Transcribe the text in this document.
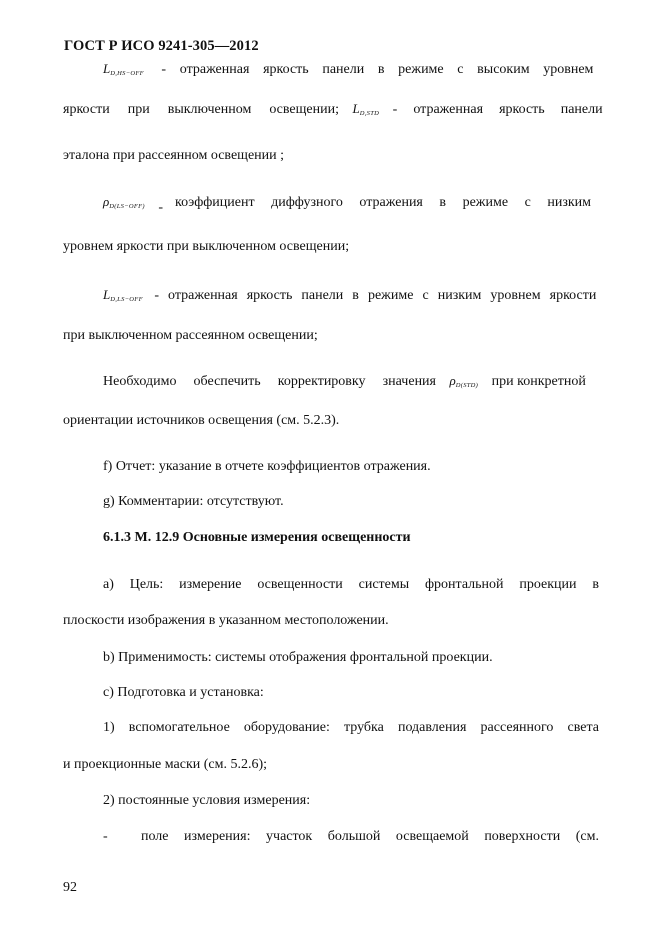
ГОСТ Р ИСО 9241-305—2012
$L_{D,HS-OFF}$ - отраженная яркость панели в режиме с высоким уровнем
яркости при выключенном освещении; $L_{D,STD}$ - отраженная яркость панели
эталона при рассеянном освещении ;
$\rho_{D(LS-OFF)}$ - коэффициент диффузного отражения в режиме с низким
уровнем яркости при выключенном освещении;
$L_{D,LS-OFF}$ - отраженная яркость панели в режиме с низким уровнем яркости
при выключенном рассеянном освещении;
Необходимо обеспечить корректировку значения $\rho_{D(STD)}$ при конкретной
ориентации источников освещения (см. 5.2.3).
f) Отчет: указание в отчете коэффициентов отражения.
g) Комментарии: отсутствуют.
6.1.3 М. 12.9 Основные измерения освещенности
a) Цель: измерение освещенности системы фронтальной проекции в
плоскости изображения в указанном местоположении.
b) Применимость: системы отображения фронтальной проекции.
c) Подготовка и установка:
1) вспомогательное оборудование: трубка подавления рассеянного света
и проекционные маски (см. 5.2.6);
2) постоянные условия измерения:
- поле измерения: участок большой освещаемой поверхности (см.
92
